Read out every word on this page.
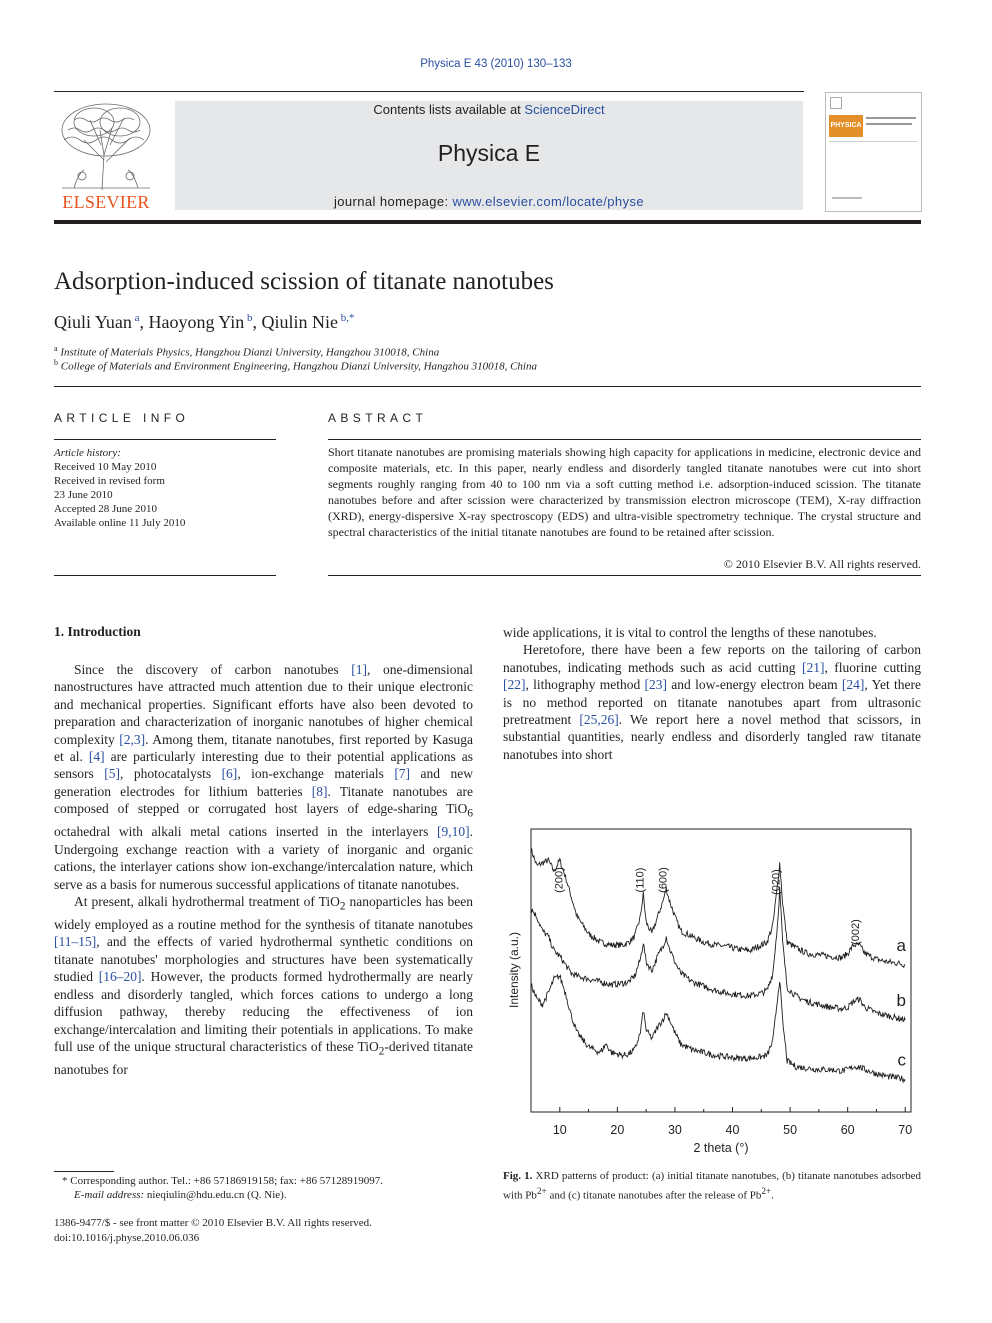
Physica E 43 (2010) 130–133
ELSEVIER
Contents lists available at ScienceDirect
Physica E
journal homepage: www.elsevier.com/locate/physe
PHYSICA
Adsorption-induced scission of titanate nanotubes
Qiuli Yuan $^a$, Haoyong Yin $^b$, Qiulin Nie $^{b,*}$
$^a$ Institute of Materials Physics, Hangzhou Dianzi University, Hangzhou 310018, China
$^b$ College of Materials and Environment Engineering, Hangzhou Dianzi University, Hangzhou 310018, China
ARTICLE INFO
Article history:
Received 10 May 2010
Received in revised form
23 June 2010
Accepted 28 June 2010
Available online 11 July 2010
ABSTRACT
Short titanate nanotubes are promising materials showing high capacity for applications in medicine, electronic device and composite materials, etc. In this paper, nearly endless and disorderly tangled titanate nanotubes were cut into short segments roughly ranging from 40 to 100 nm via a soft cutting method i.e. adsorption-induced scission. The titanate nanotubes before and after scission were characterized by transmission electron microscope (TEM), X-ray diffraction (XRD), energy-dispersive X-ray spectroscopy (EDS) and ultra-visible spectrometry technique. The crystal structure and spectral characteristics of the initial titanate nanotubes are found to be retained after scission.
© 2010 Elsevier B.V. All rights reserved.
1. Introduction

Since the discovery of carbon nanotubes [1], one-dimensional nanostructures have attracted much attention due to their unique electronic and mechanical properties. Significant efforts have also been devoted to preparation and characterization of inorganic nanotubes of higher chemical complexity [2,3]. Among them, titanate nanotubes, first reported by Kasuga et al. [4] are particularly interesting due to their potential applications as sensors [5], photocatalysts [6], ion-exchange materials [7] and new generation electrodes for lithium batteries [8]. Titanate nanotubes are composed of stepped or corrugated host layers of edge-sharing TiO$_6$ octahedral with alkali metal cations inserted in the interlayers [9,10]. Undergoing exchange reaction with a variety of inorganic and organic cations, the interlayer cations show ion-exchange/intercalation nature, which serve as a basis for numerous successful applications of titanate nanotubes.

At present, alkali hydrothermal treatment of TiO$_2$ nanoparticles has been widely employed as a routine method for the synthesis of titanate nanotubes [11–15], and the effects of varied hydrothermal synthetic conditions on titanate nanotubes' morphologies and structures have been systematically studied [16–20]. However, the products formed hydrothermally are nearly endless and disorderly tangled, which forces cations to undergo a long diffusion pathway, thereby reducing the effectiveness of ion exchange/intercalation and limiting their potentials in applications. To make full use of the unique structural characteristics of these TiO$_2$-derived titanate nanotubes for

wide applications, it is vital to control the lengths of these nanotubes.

Heretofore, there have been a few reports on the tailoring of carbon nanotubes, indicating methods such as acid cutting [21], fluorine cutting [22], lithography method [23] and low-energy electron beam [24], Yet there is no method reported on titanate nanotubes apart from ultrasonic pretreatment [25,26]. We report here a novel method that scissors, in substantial quantities, nearly endless and disorderly tangled raw titanate nanotubes into short

10	20	30	40	50	60	70
a
b
c
(200)	(110) (600)	(020)
(002)
Intensity (a.u.)
2 theta (°)
Fig. 1. XRD patterns of product: (a) initial titanate nanotubes, (b) titanate nanotubes adsorbed with $Pb^{2+}$ and (c) titanate nanotubes after the release of $Pb^{2+}$.
* Corresponding author. Tel.: +86 57186919158; fax: +86 57128919097.
E-mail address: nieqiulin@hdu.edu.cn (Q. Nie).
1386-9477/$ - see front matter © 2010 Elsevier B.V. All rights reserved.
doi:10.1016/j.physe.2010.06.036
